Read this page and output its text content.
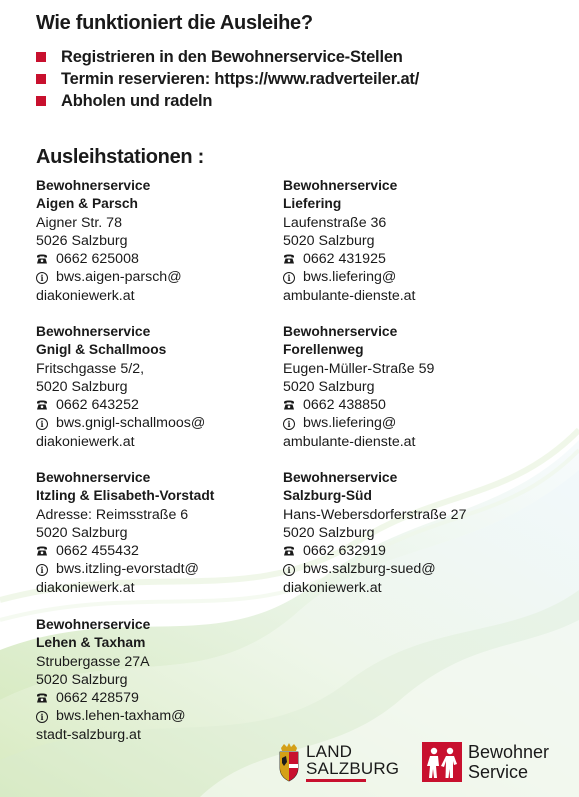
Wie funktioniert die Ausleihe?
Registrieren in den Bewohnerservice-Stellen
Termin reservieren: https://www.radverteiler.at/
Abholen und radeln
Ausleihstationen :
Bewohnerservice
Aigen & Parsch
Aigner Str. 78
5026 Salzburg
0662 625008
i bws.aigen-parsch@
diakoniewerk.at
Bewohnerservice
Liefering
Laufenstraße 36
5020 Salzburg
0662 431925
i bws.liefering@
ambulante-dienste.at
Bewohnerservice
Gnigl & Schallmoos
Fritschgasse 5/2,
5020 Salzburg
0662 643252
i bws.gnigl-schallmoos@
diakoniewerk.at
Bewohnerservice
Forellenweg
Eugen-Müller-Straße 59
5020 Salzburg
0662 438850
i bws.liefering@
ambulante-dienste.at
Bewohnerservice
Itzling & Elisabeth-Vorstadt
Adresse: Reimsstraße 6
5020 Salzburg
0662 455432
i bws.itzling-evorstadt@
diakoniewerk.at
Bewohnerservice
Salzburg-Süd
Hans-Webersdorferstraße 27
5020 Salzburg
0662 632919
i bws.salzburg-sued@
diakoniewerk.at
Bewohnerservice
Lehen & Taxham
Strubergasse 27A
5020 Salzburg
0662 428579
i bws.lehen-taxham@
stadt-salzburg.at
LAND
SALZBURG
Bewohner
Service
